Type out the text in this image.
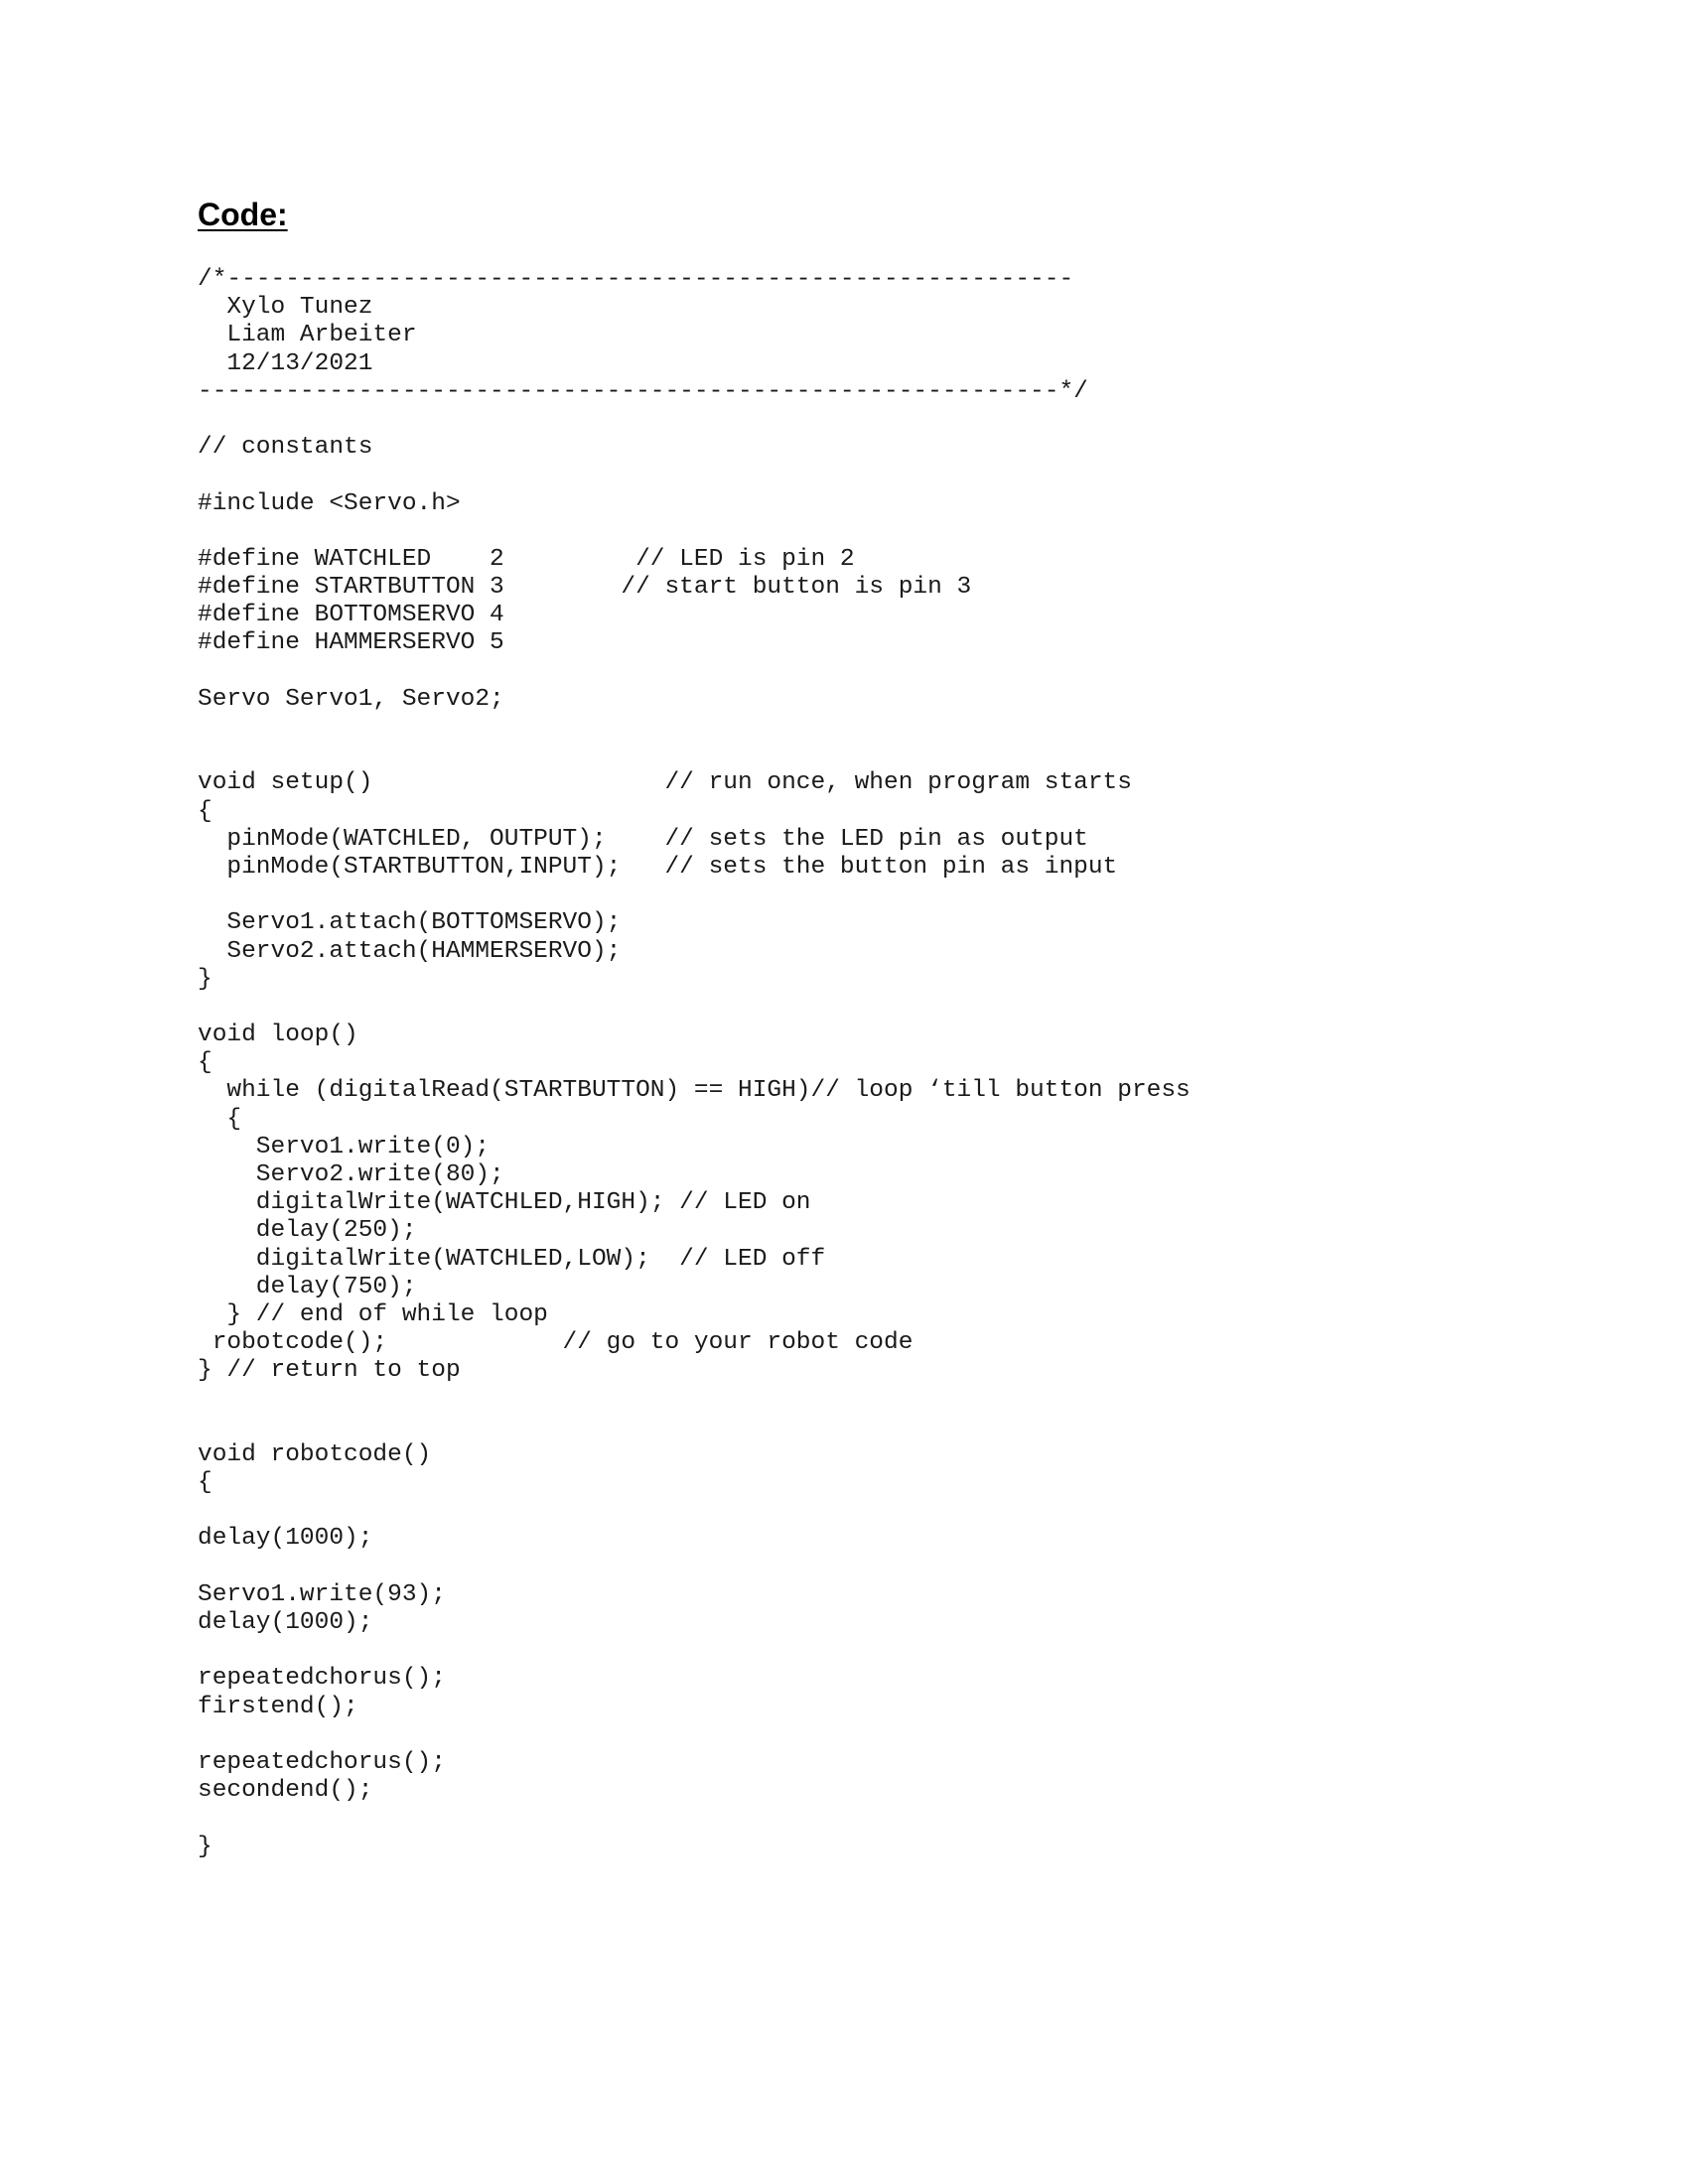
Code:
/*----------------------------------------------------------
Xylo Tunez
Liam Arbeiter
12/13/2021
-----------------------------------------------------------*/
// constants
#include <Servo.h>
#define WATCHLED    2         // LED is pin 2
#define STARTBUTTON 3        // start button is pin 3
#define BOTTOMSERVO 4
#define HAMMERSERVO 5
Servo Servo1, Servo2;
void setup()                    // run once, when program starts
{
pinMode(WATCHLED, OUTPUT);    // sets the LED pin as output
pinMode(STARTBUTTON,INPUT);   // sets the button pin as input
Servo1.attach(BOTTOMSERVO);
Servo2.attach(HAMMERSERVO);
}
void loop()
{
while (digitalRead(STARTBUTTON) == HIGH)// loop ‘till button press
{
Servo1.write(0);
Servo2.write(80);
digitalWrite(WATCHLED,HIGH); // LED on
delay(250);
digitalWrite(WATCHLED,LOW);  // LED off
delay(750);
} // end of while loop
robotcode();            // go to your robot code
} // return to top
void robotcode()
{
delay(1000);
Servo1.write(93);
delay(1000);
repeatedchorus();
firstend();
repeatedchorus();
secondend();
}
